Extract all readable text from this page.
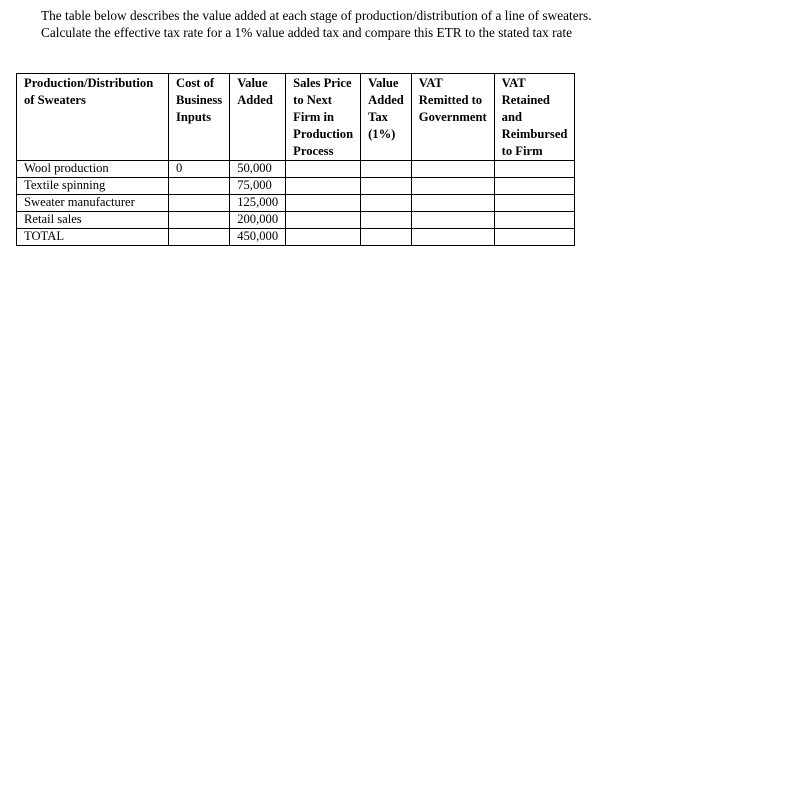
The table below describes the value added at each stage of production/distribution of a line of sweaters.

Calculate the effective tax rate for a 1% value added tax and compare this ETR to the stated tax rate

Production/Distribution
of Sweaters	Cost of
Business
Inputs	Value
Added	Sales Price
to Next
Firm in
Production
Process	Value
Added
Tax
(1%)	VAT
Remitted to
Government	VAT
Retained
and
Reimbursed
to Firm

Wool production	0	50,000				
Textile spinning		75,000				
Sweater manufacturer		125,000				
Retail sales		200,000				
TOTAL		450,000				
